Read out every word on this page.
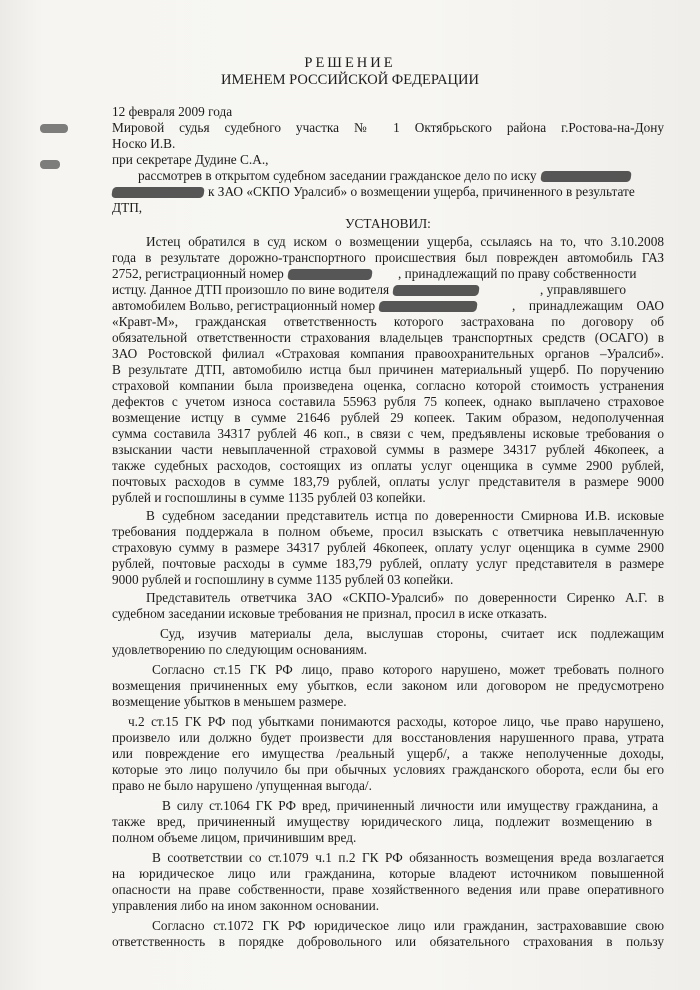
РЕШЕНИЕ
ИМЕНЕМ РОССИЙСКОЙ ФЕДЕРАЦИИ
12 февраля 2009 года
Мировой судья судебного участка № 1 Октябрьского района г.Ростова-на-Дону
Носко И.В.
при секретаре Дудине С.А.,
рассмотрев в открытом судебном заседании гражданское дело по иску
к ЗАО «СКПО Уралсиб» о возмещении ущерба, причиненного в результате
ДТП,
УСТАНОВИЛ:
Истец обратился в суд иском о возмещении ущерба, ссылаясь на то, что 3.10.2008
года в результате дорожно-транспортного происшествия был поврежден автомобиль ГАЗ
2752, регистрационный номер	, принадлежащий по праву собственности
истцу. Данное ДТП произошло по вине водителя	, управлявшего
автомобилем Вольво, регистрационный номер	, принадлежащим ОАО
«Кравт-М», гражданская ответственность которого застрахована по договору об
обязательной ответственности страхования владельцев транспортных средств (ОСАГО) в
ЗАО Ростовской филиал «Страховая компания правоохранительных органов –Уралсиб».
В результате ДТП, автомобилю истца был причинен материальный ущерб. По поручению
страховой компании была произведена оценка, согласно которой стоимость устранения
дефектов с учетом износа составила 55963 рубля 75 копеек, однако выплачено страховое
возмещение истцу в сумме 21646 рублей 29 копеек. Таким образом, недополученная
сумма составила 34317 рублей 46 коп., в связи с чем, предъявлены исковые требования о
взыскании части невыплаченной страховой суммы в размере 34317 рублей 46копеек, а
также судебных расходов, состоящих из оплаты услуг оценщика в сумме 2900 рублей,
почтовых расходов в сумме 183,79 рублей, оплаты услуг представителя в размере 9000
рублей и госпошлины в сумме 1135 рублей 03 копейки.
В судебном заседании представитель истца по доверенности Смирнова И.В. исковые
требования поддержала в полном объеме, просил взыскать с ответчика невыплаченную
страховую сумму в размере 34317 рублей 46копеек, оплату услуг оценщика в сумме 2900
рублей, почтовые расходы в сумме 183,79 рублей, оплату услуг представителя в размере
9000 рублей и госпошлину в сумме 1135 рублей 03 копейки.
Представитель ответчика ЗАО «СКПО-Уралсиб» по доверенности Сиренко А.Г. в
судебном заседании исковые требования не признал, просил в иске отказать.
Суд, изучив материалы дела, выслушав стороны, считает иск подлежащим
удовлетворению по следующим основаниям.
Согласно ст.15 ГК РФ лицо, право которого нарушено, может требовать полного
возмещения причиненных ему убытков, если законом или договором не предусмотрено
возмещение убытков в меньшем размере.
ч.2 ст.15 ГК РФ под убытками понимаются расходы, которое лицо, чье право нарушено,
произвело или должно будет произвести для восстановления нарушенного права, утрата
или повреждение его имущества /реальный ущерб/, а также неполученные доходы,
которые это лицо получило бы при обычных условиях гражданского оборота, если бы его
право не было нарушено /упущенная выгода/.
В силу ст.1064 ГК РФ вред, причиненный личности или имуществу гражданина, а
также вред, причиненный имуществу юридического лица, подлежит возмещению в
полном объеме лицом, причинившим вред.
В соответствии со ст.1079 ч.1 п.2 ГК РФ обязанность возмещения вреда возлагается
на юридическое лицо или гражданина, которые владеют источником повышенной
опасности на праве собственности, праве хозяйственного ведения или праве оперативного
управления либо на ином законном основании.
Согласно ст.1072 ГК РФ юридическое лицо или гражданин, застраховавшие свою
ответственность в порядке добровольного или обязательного страхования в пользу
